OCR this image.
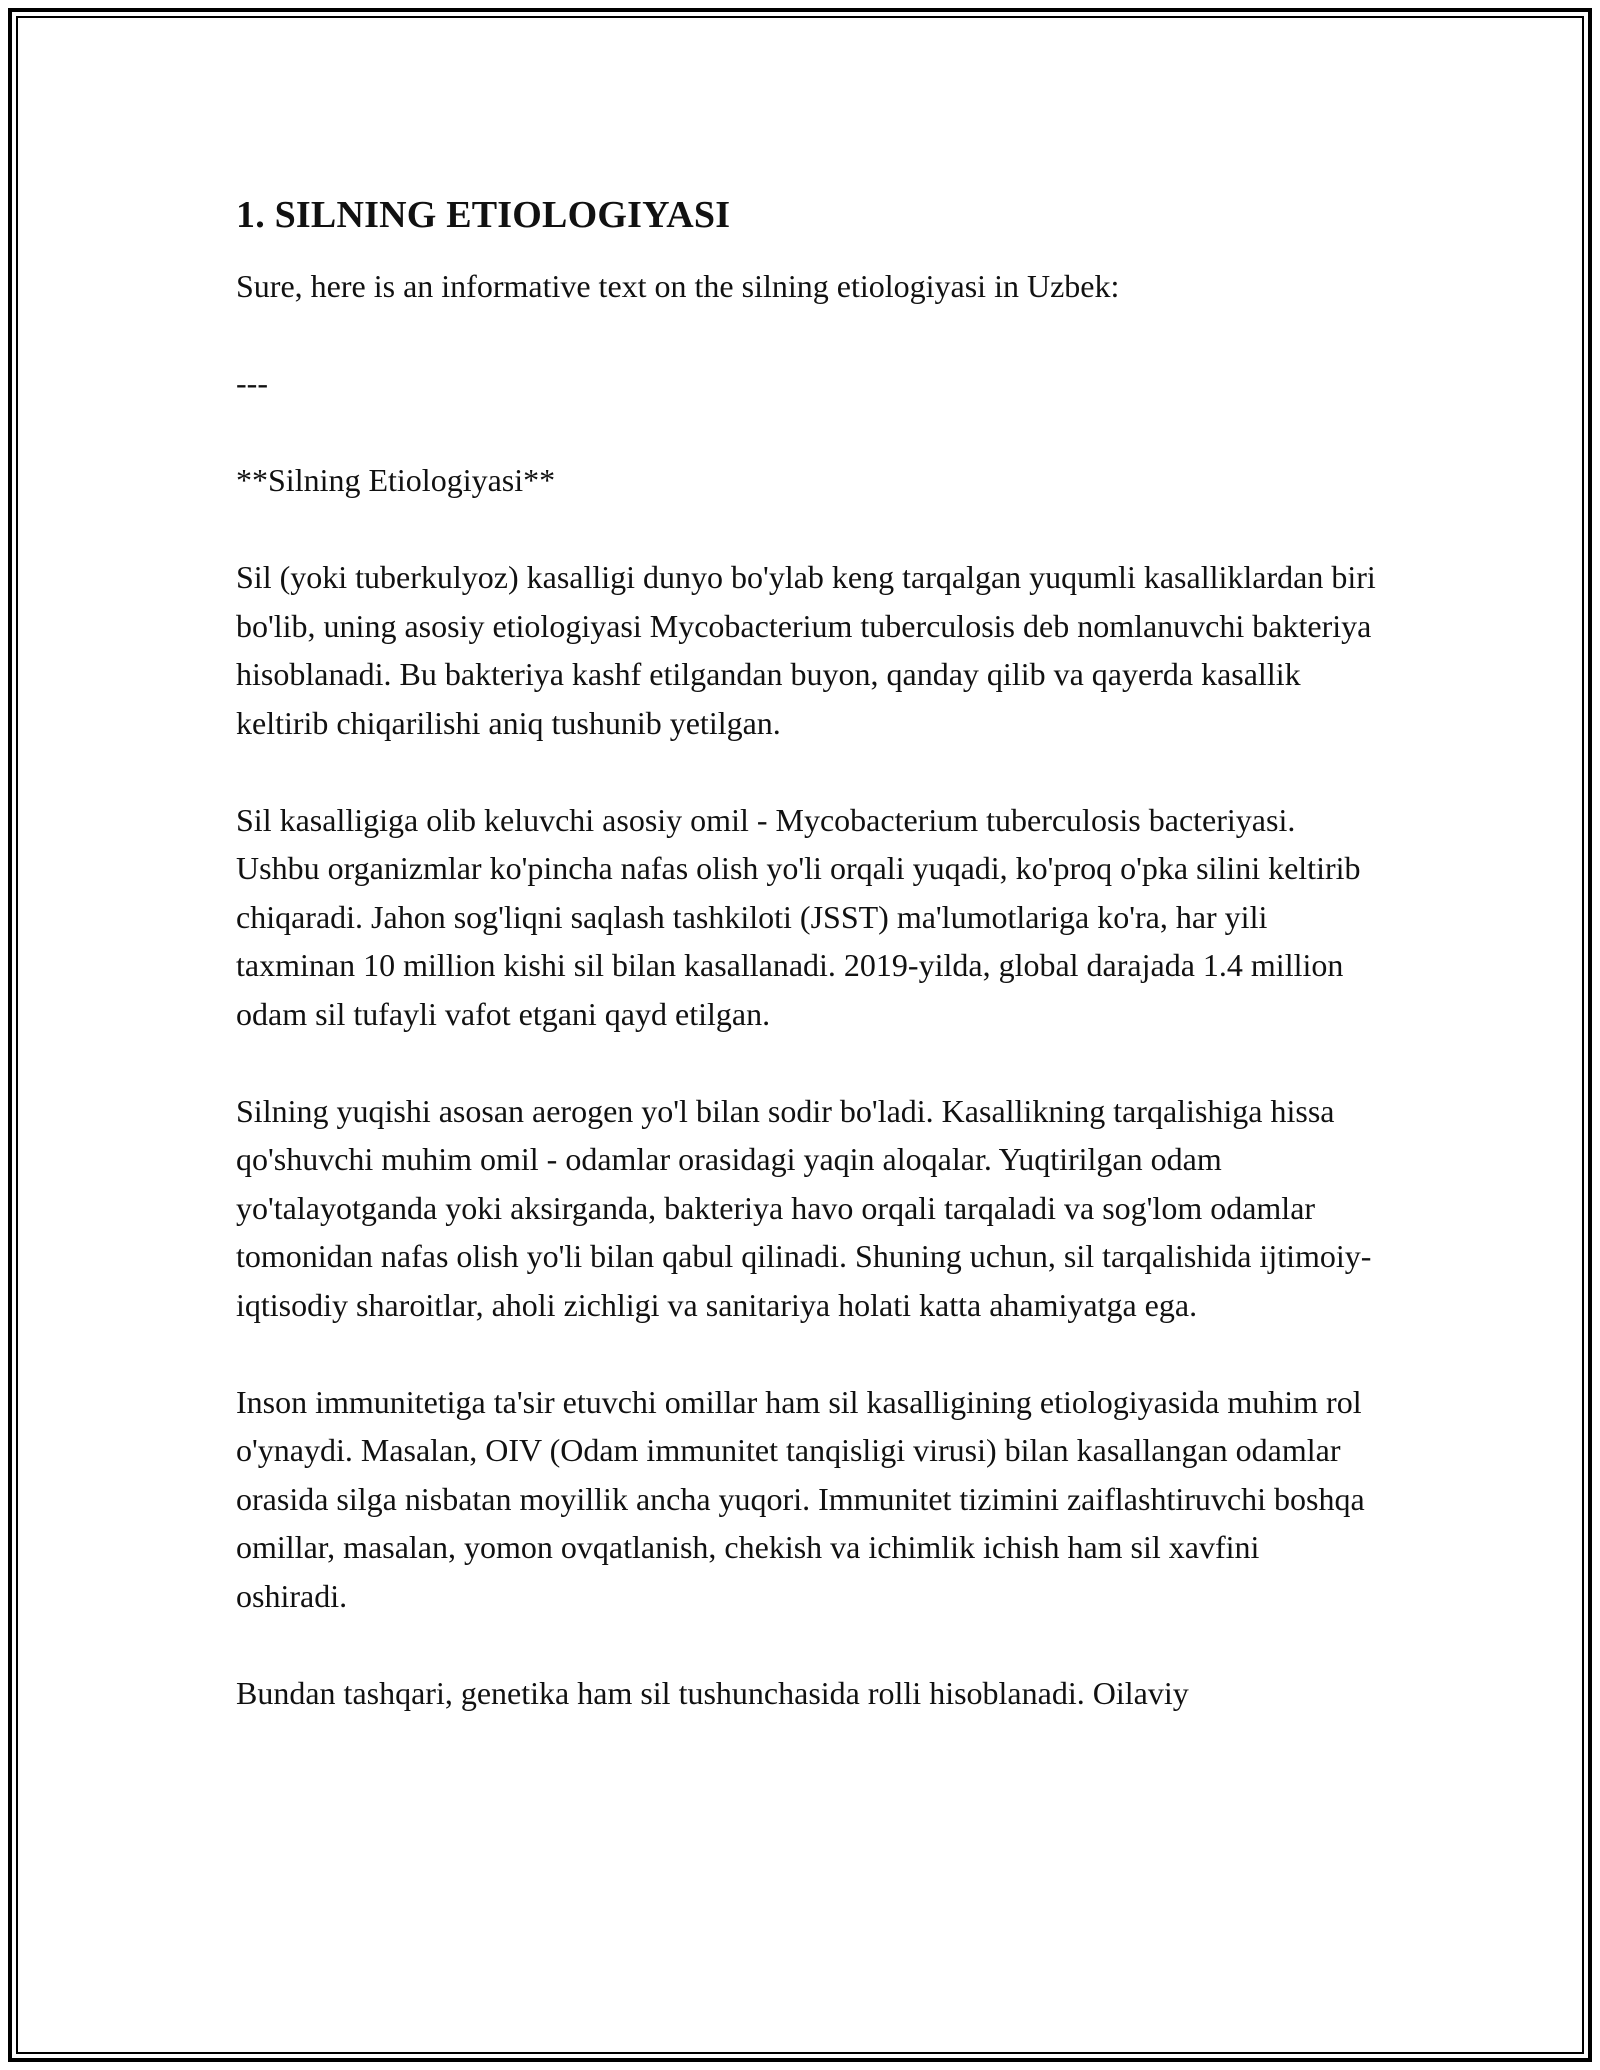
1. SILNING ETIOLOGIYASI

Sure, here is an informative text on the silning etiologiyasi in Uzbek:

---

**Silning Etiologiyasi**

Sil (yoki tuberkulyoz) kasalligi dunyo bo'ylab keng tarqalgan yuqumli kasalliklardan biri bo'lib, uning asosiy etiologiyasi Mycobacterium tuberculosis deb nomlanuvchi bakteriya hisoblanadi. Bu bakteriya kashf etilgandan buyon, qanday qilib va qayerda kasallik keltirib chiqarilishi aniq tushunib yetilgan.

Sil kasalligiga olib keluvchi asosiy omil - Mycobacterium tuberculosis bacteriyasi. Ushbu organizmlar ko'pincha nafas olish yo'li orqali yuqadi, ko'proq o'pka silini keltirib chiqaradi. Jahon sog'liqni saqlash tashkiloti (JSST) ma'lumotlariga ko'ra, har yili taxminan 10 million kishi sil bilan kasallanadi. 2019-yilda, global darajada 1.4 million odam sil tufayli vafot etgani qayd etilgan.

Silning yuqishi asosan aerogen yo'l bilan sodir bo'ladi. Kasallikning tarqalishiga hissa qo'shuvchi muhim omil - odamlar orasidagi yaqin aloqalar. Yuqtirilgan odam yo'talayotganda yoki aksirganda, bakteriya havo orqali tarqaladi va sog'lom odamlar tomonidan nafas olish yo'li bilan qabul qilinadi. Shuning uchun, sil tarqalishida ijtimoiy-iqtisodiy sharoitlar, aholi zichligi va sanitariya holati katta ahamiyatga ega.

Inson immunitetiga ta'sir etuvchi omillar ham sil kasalligining etiologiyasida muhim rol o'ynaydi. Masalan, OIV (Odam immunitet tanqisligi virusi) bilan kasallangan odamlar orasida silga nisbatan moyillik ancha yuqori. Immunitet tizimini zaiflashtiruvchi boshqa omillar, masalan, yomon ovqatlanish, chekish va ichimlik ichish ham sil xavfini oshiradi.

Bundan tashqari, genetika ham sil tushunchasida rolli hisoblanadi. Oilaviy
